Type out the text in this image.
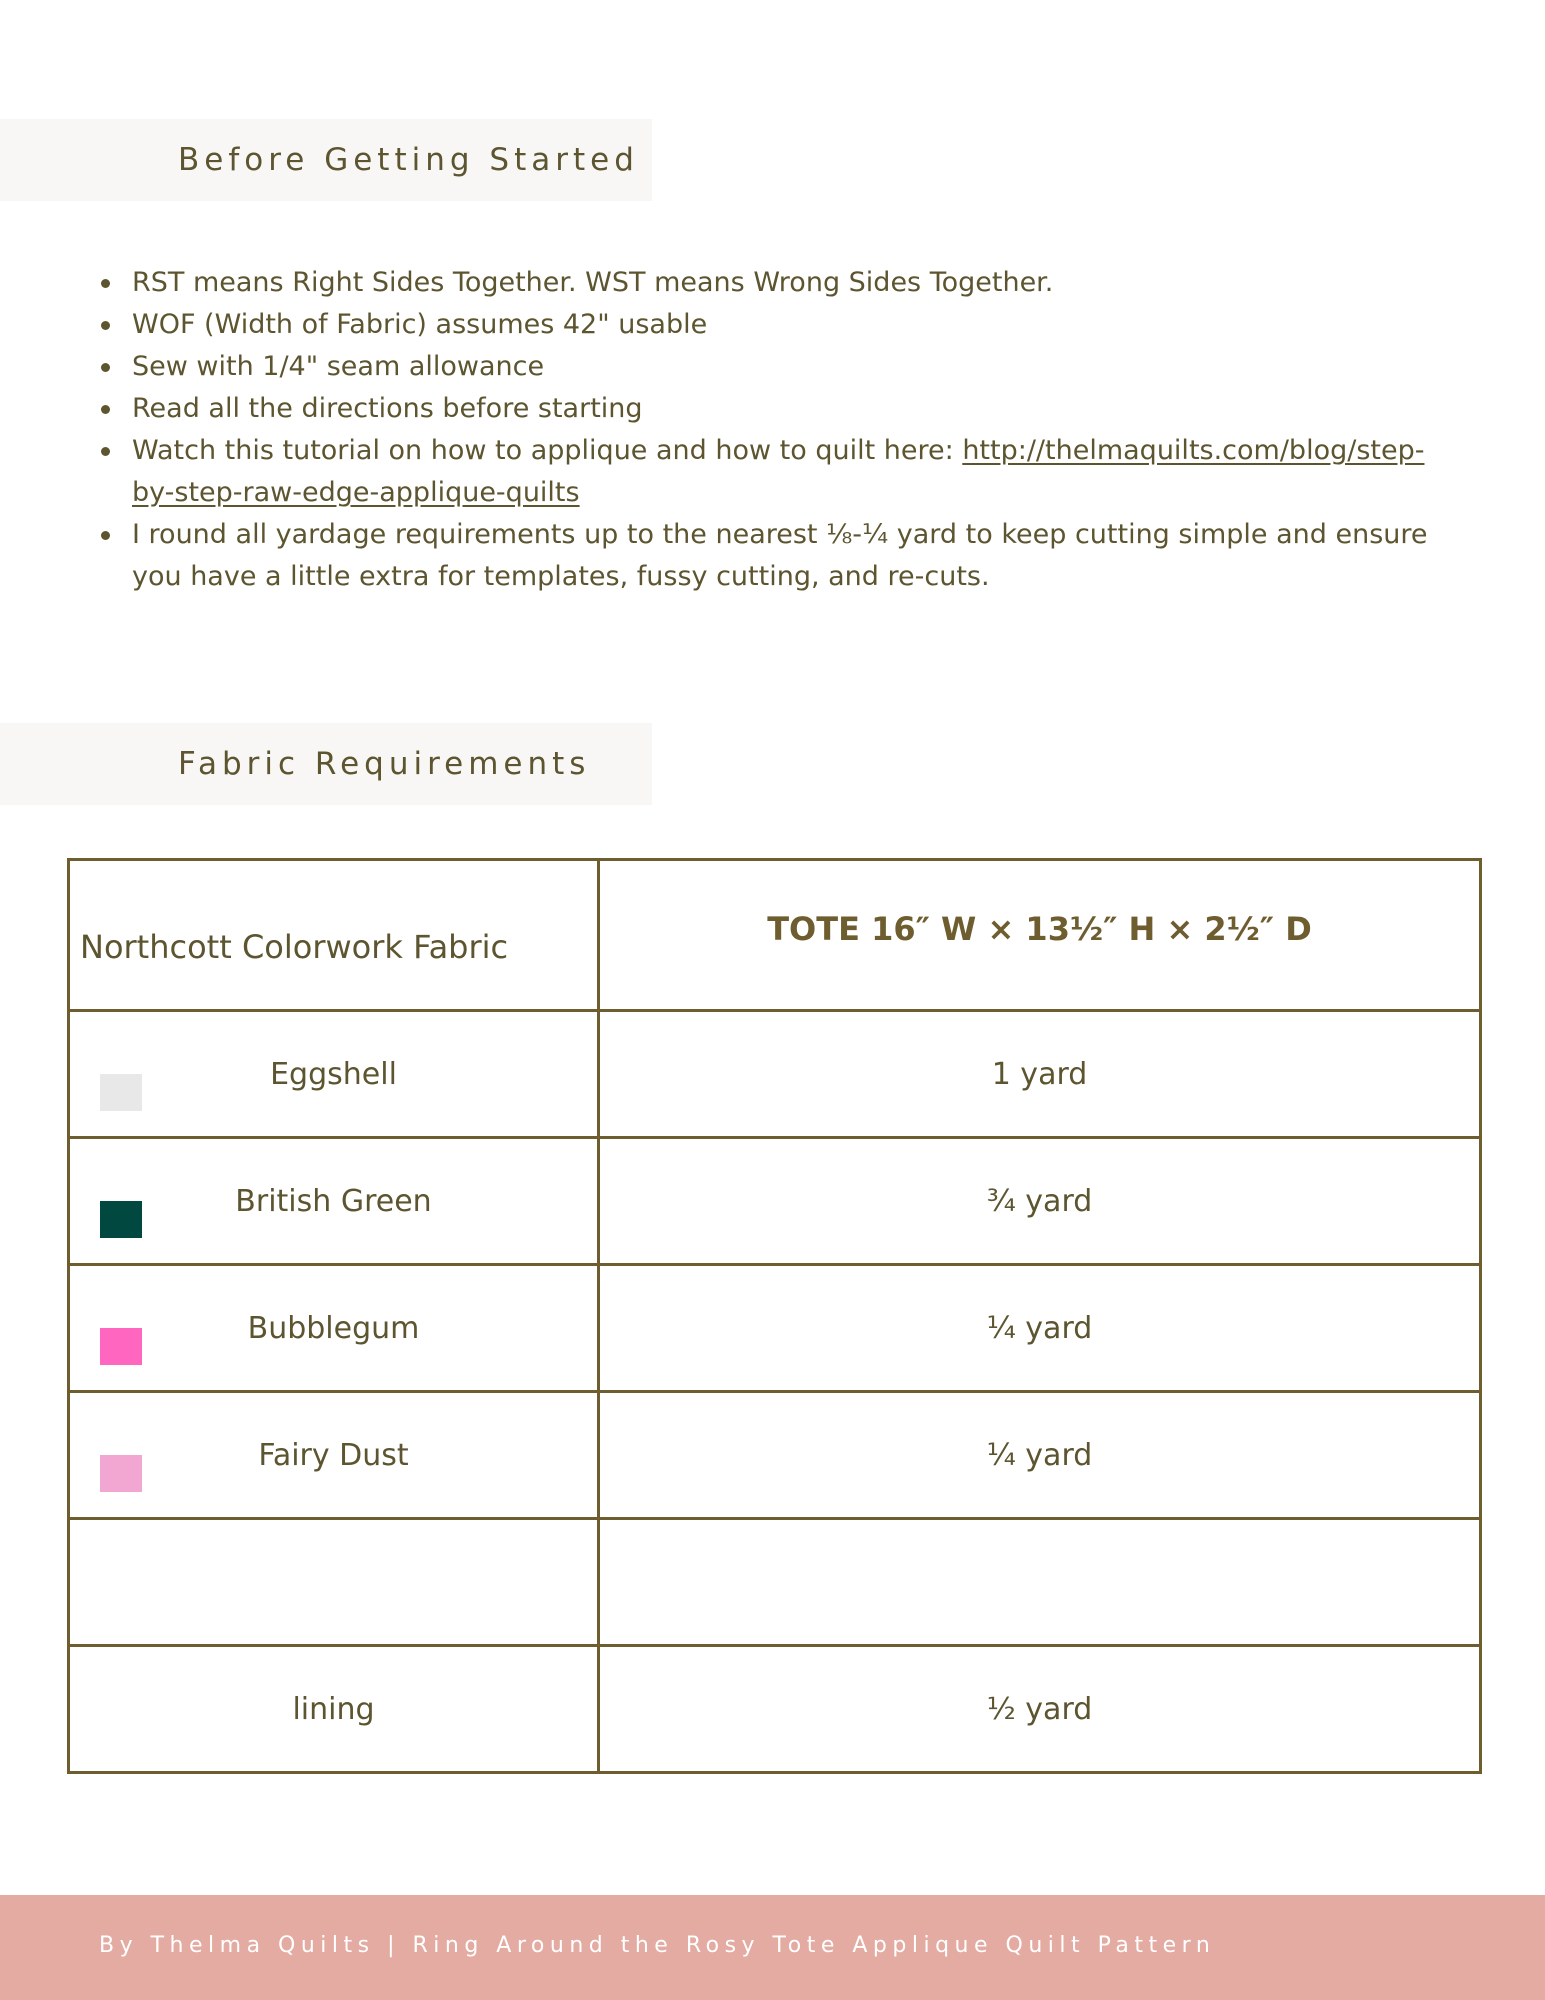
Before Getting Started
RST means Right Sides Together. WST means Wrong Sides Together.
WOF (Width of Fabric) assumes 42" usable
Sew with 1/4" seam allowance
Read all the directions before starting
Watch this tutorial on how to applique and how to quilt here: http://thelmaquilts.com/blog/step-by-step-raw-edge-applique-quilts
I round all yardage requirements up to the nearest ⅛-¼ yard to keep cutting simple and ensure you have a little extra for templates, fussy cutting, and re-cuts.
Fabric Requirements
Northcott Colorwork Fabric	TOTE 16″ W × 13½″ H × 2½″ D

Eggshell	1 yard

British Green	¾ yard

Bubblegum	¼ yard

Fairy Dust	¼ yard

lining	½ yard
By Thelma Quilts | Ring Around the Rosy Tote Applique Quilt Pattern
